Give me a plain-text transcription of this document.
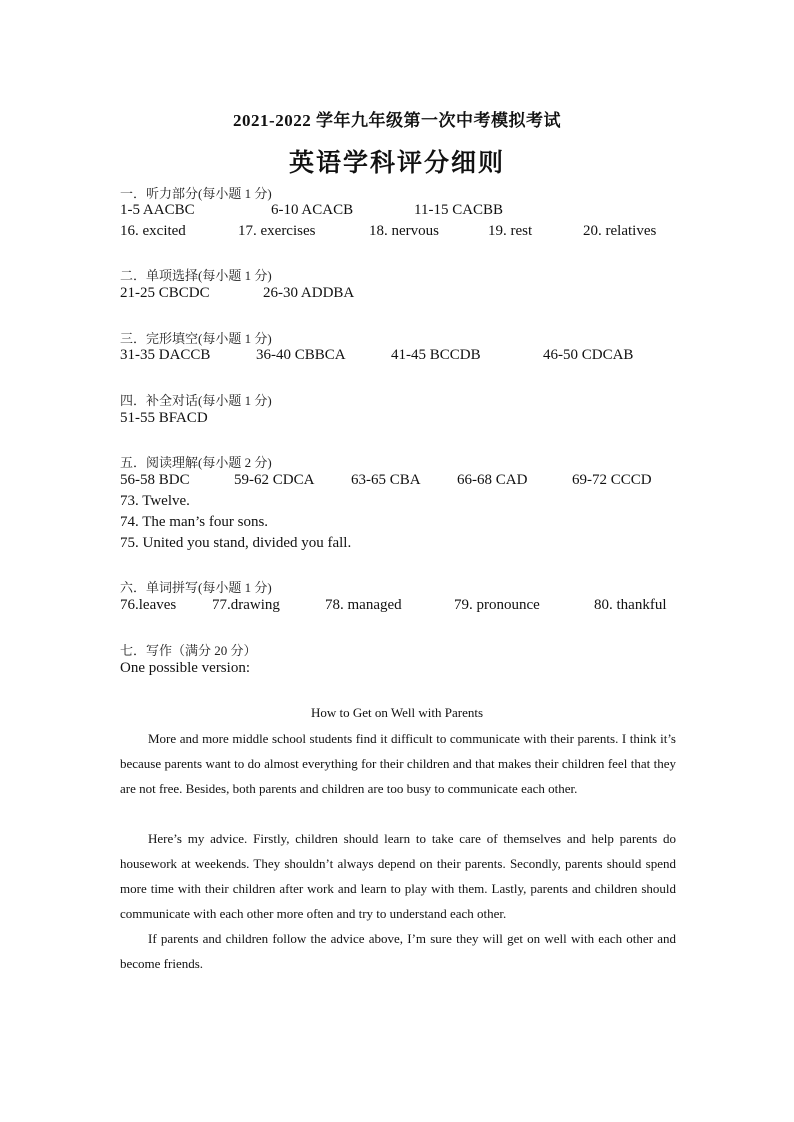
2021-2022 学年九年级第一次中考模拟考试
英语学科评分细则
一．听力部分(每小题 1 分)
1-5 AACBC	6-10 ACACB	11-15 CACBB
16. excited	17. exercises	18. nervous	19. rest	20. relatives
二．单项选择(每小题 1 分)
21-25 CBCDC	26-30 ADDBA
三．完形填空(每小题 1 分)
31-35 DACCB	36-40 CBBCA	41-45 BCCDB	46-50 CDCAB
四．补全对话(每小题 1 分)
51-55 BFACD
五．阅读理解(每小题 2 分)
56-58 BDC	59-62 CDCA 63-65 CBA 66-68 CAD	69-72 CCCD
73. Twelve.
74. The man’s four sons.
75. United you stand, divided you fall.
六．单词拼写(每小题 1 分)
76.leaves 77.drawing	78. managed	79. pronounce	80. thankful
七．写作（满分 20 分）
One possible version:
How to Get on Well with Parents

More and more middle school students find it difficult to communicate with their parents. I think it’s because parents want to do almost everything for their children and that makes their children feel that they are not free. Besides, both parents and children are too busy to communicate each other.

Here’s my advice. Firstly, children should learn to take care of themselves and help parents do housework at weekends. They shouldn’t always depend on their parents. Secondly, parents should spend more time with their children after work and learn to play with them. Lastly, parents and children should communicate with each other more often and try to understand each other.

If parents and children follow the advice above, I’m sure they will get on well with each other and become friends.
